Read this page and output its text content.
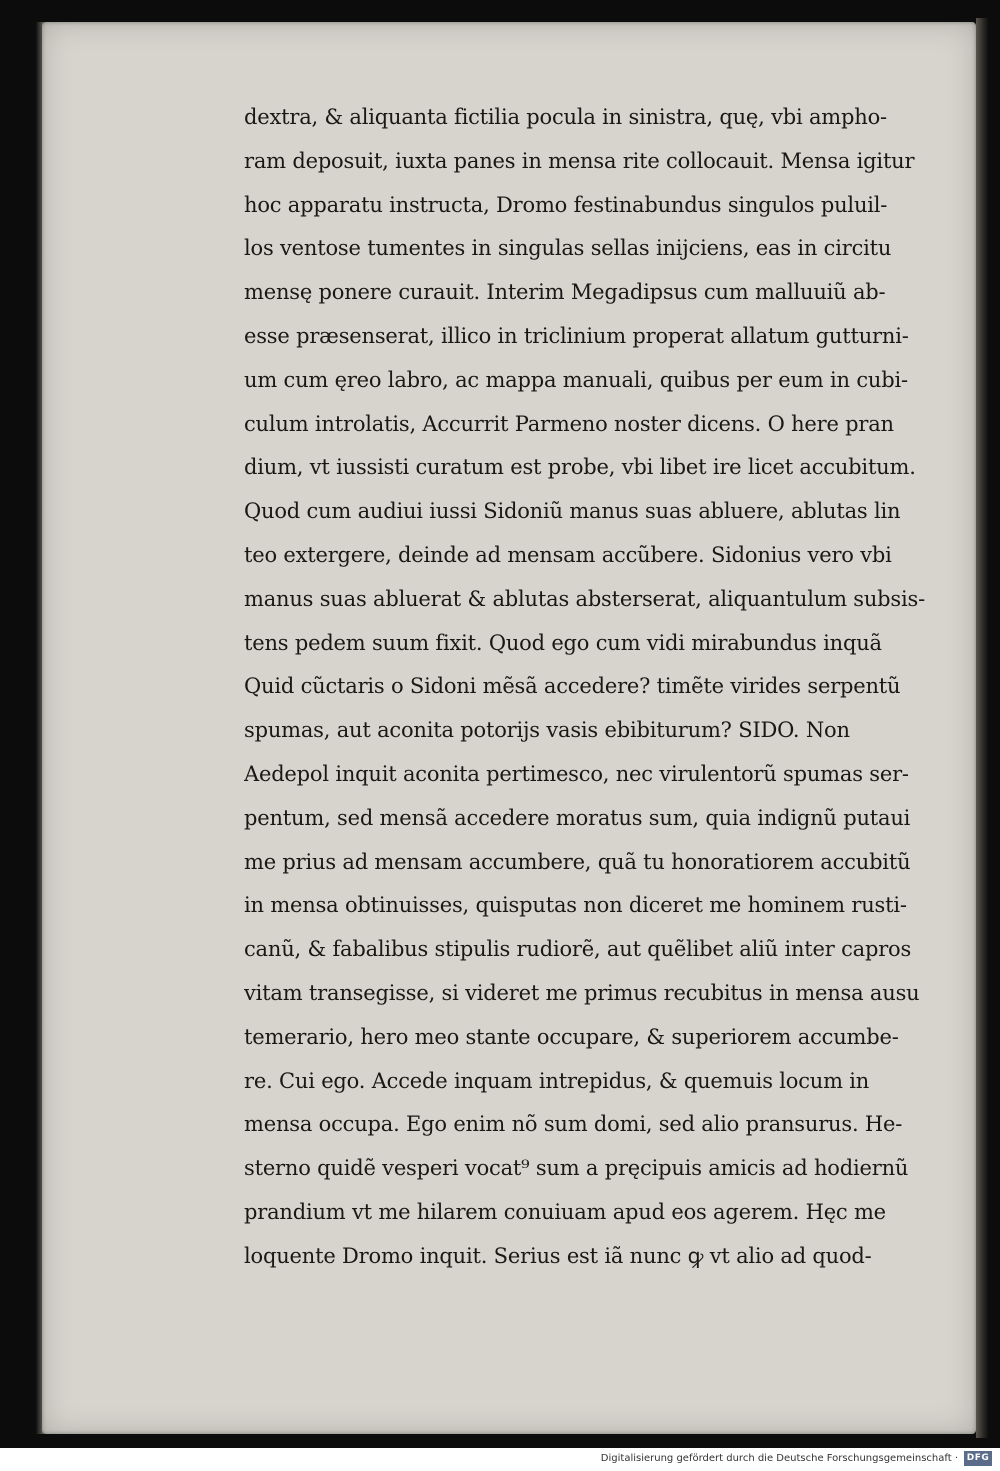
dextra, & aliquanta fictilia pocula in sinistra, quę, vbi ampho-
ram deposuit, iuxta panes in mensa rite collocauit. Mensa igitur
hoc apparatu instructa, Dromo festinabundus singulos puluil-
los ventose tumentes in singulas sellas inijciens, eas in circitu
mensę ponere curauit. Interim Megadipsus cum malluuiũ ab-
esse præsenserat, illico in triclinium properat allatum gutturni-
um cum ęreo labro, ac mappa manuali, quibus per eum in cubi-
culum introlatis, Accurrit Parmeno noster dicens. O here pran
dium, vt iussisti curatum est probe, vbi libet ire licet accubitum.
Quod cum audiui iussi Sidoniũ manus suas abluere, ablutas lin
teo extergere, deinde ad mensam accũbere. Sidonius vero vbi
manus suas abluerat & ablutas absterserat, aliquantulum subsis-
tens pedem suum fixit. Quod ego cum vidi mirabundus inquã
Quid cũctaris o Sidoni mẽsã accedere? timẽte virides serpentũ
spumas, aut aconita potorijs vasis ebibiturum? SIDO. Non
Aedepol inquit aconita pertimesco, nec virulentorũ spumas ser-
pentum, sed mensã accedere moratus sum, quia indignũ putaui
me prius ad mensam accumbere, quã tu honoratiorem accubitũ
in mensa obtinuisses, quisputas non diceret me hominem rusti-
canũ, & fabalibus stipulis rudiorẽ, aut quẽlibet aliũ inter capros
vitam transegisse, si videret me primus recubitus in mensa ausu
temerario, hero meo stante occupare, & superiorem accumbe-
re. Cui ego. Accede inquam intrepidus, & quemuis locum in
mensa occupa. Ego enim nõ sum domi, sed alio pransurus. He-
sterno quidẽ vesperi vocat⁹ sum a pręcipuis amicis ad hodiernũ
prandium vt me hilarem conuiuam apud eos agerem. Hęc me
loquente Dromo inquit. Serius est iã nunc ꝙ vt alio ad quod-
Digitalisierung gefördert durch die Deutsche Forschungsgemeinschaft · DFG
